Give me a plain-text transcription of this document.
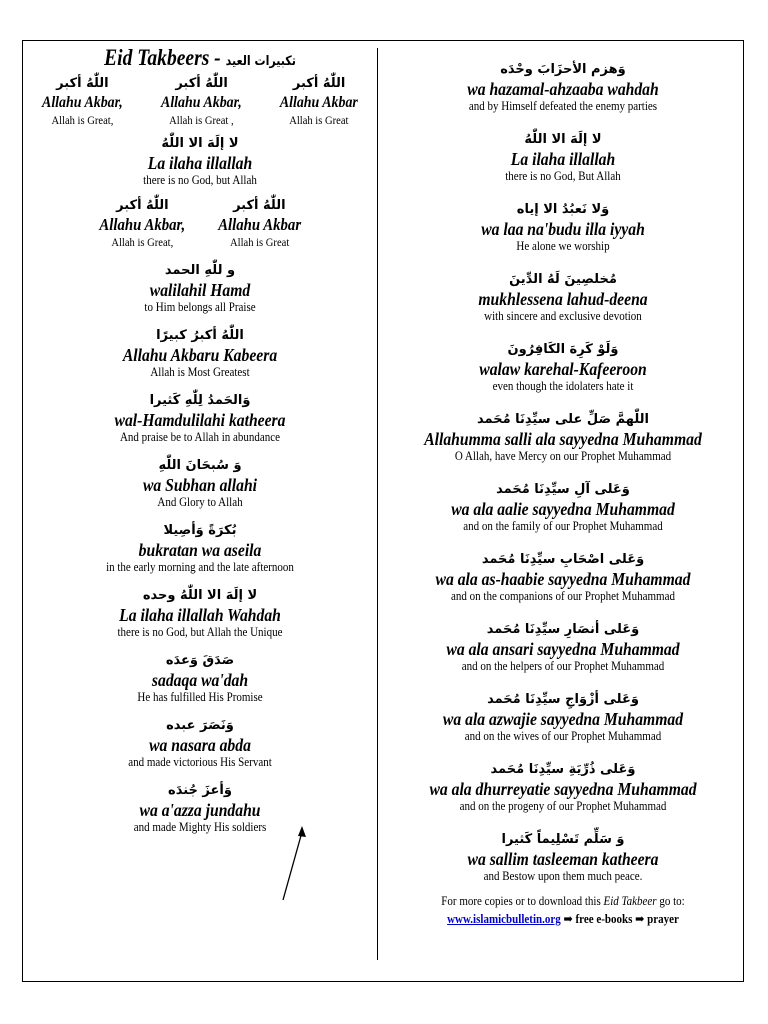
Eid Takbeers - تكبيرات العيد
اللّٰهُ أكبر
Allahu Akbar,
Allah is Great,
اللّٰهُ أكبر
Allahu Akbar,
Allah is Great ,
اللّٰهُ أكبر
Allahu Akbar
Allah is Great
لا إلَهَ الا اللّٰهُ
La ilaha illallah
there is no God, but Allah
اللّٰهُ أكبر
Allahu Akbar,
Allah is Great,
اللّٰهُ أكبر
Allahu Akbar
Allah is Great
و للّٰهِ الحمد
walilahil Hamd
to Him belongs all Praise
اللّٰهُ أكبرُ كبيرًا
Allahu Akbaru Kabeera
Allah is Most Greatest
وَالحَمدُ لِلّٰهِ كَثيرا
wal-Hamdulilahi katheera
And praise be to Allah in abundance
وَ سُبحَانَ اللّٰهِ
wa Subhan allahi
And Glory to Allah
بُكرَةً وَأصِيلا
bukratan wa aseila
in the early morning and the late afternoon
لا إلَهَ الا اللّٰهُ وحده
La ilaha illallah Wahdah
there is no God, but Allah the Unique
صَدَقَ وَعدَه
sadaqa wa'dah
He has fulfilled His Promise
وَنَصَرَ عبده
wa nasara abda
and made victorious His Servant
وَأعزَ جُندَه
wa a'azza jundahu
and made Mighty His soldiers
وَهزم الأحزَابَ وحْدَه
wa hazamal-ahzaaba wahdah
and by Himself defeated the enemy parties
لا إلَهَ الا اللّٰهُ
La ilaha illallah
there is no God, But Allah
وَلا نَعبُدُ الا إياه
wa laa na'budu illa iyyah
He alone we worship
مُخلصِينَ لَهُ الدِّينَ
mukhlessena lahud-deena
with sincere and exclusive devotion
وَلَوْ كَرِهَ الكَافِرُونَ
walaw karehal-Kafeeroon
even though the idolaters hate it
اللّٰهمَّ صَلِّ على سيِّدِنَا مُحَمد
Allahumma salli ala sayyedna Muhammad
O Allah, have Mercy on our Prophet Muhammad
وَعَلى آلِ سيِّدِنَا مُحَمد
wa ala aalie sayyedna Muhammad
and on the family of our Prophet Muhammad
وَعَلى اصْحَابِ سيِّدِنَا مُحَمد
wa ala as-haabie sayyedna Muhammad
and on the companions of our Prophet Muhammad
وَعَلى أنصَارِ سيِّدِنَا مُحَمد
wa ala ansari sayyedna Muhammad
and on the helpers of our Prophet Muhammad
وَعَلى أزْوَاجِ سيِّدِنَا مُحَمد
wa ala azwajie sayyedna Muhammad
and on the wives of our Prophet Muhammad
وَعَلى ذُرِّيَةِ سيِّدِنَا مُحَمد
wa ala dhurreyatie sayyedna Muhammad
and on the progeny of our Prophet Muhammad
وَ سَلِّم تَسْلِيماً كَثيرا
wa sallim tasleeman katheera
and Bestow upon them much peace.
For more copies or to download this Eid Takbeer go to:
www.islamicbulletin.org ➡ free e-books ➡ prayer
